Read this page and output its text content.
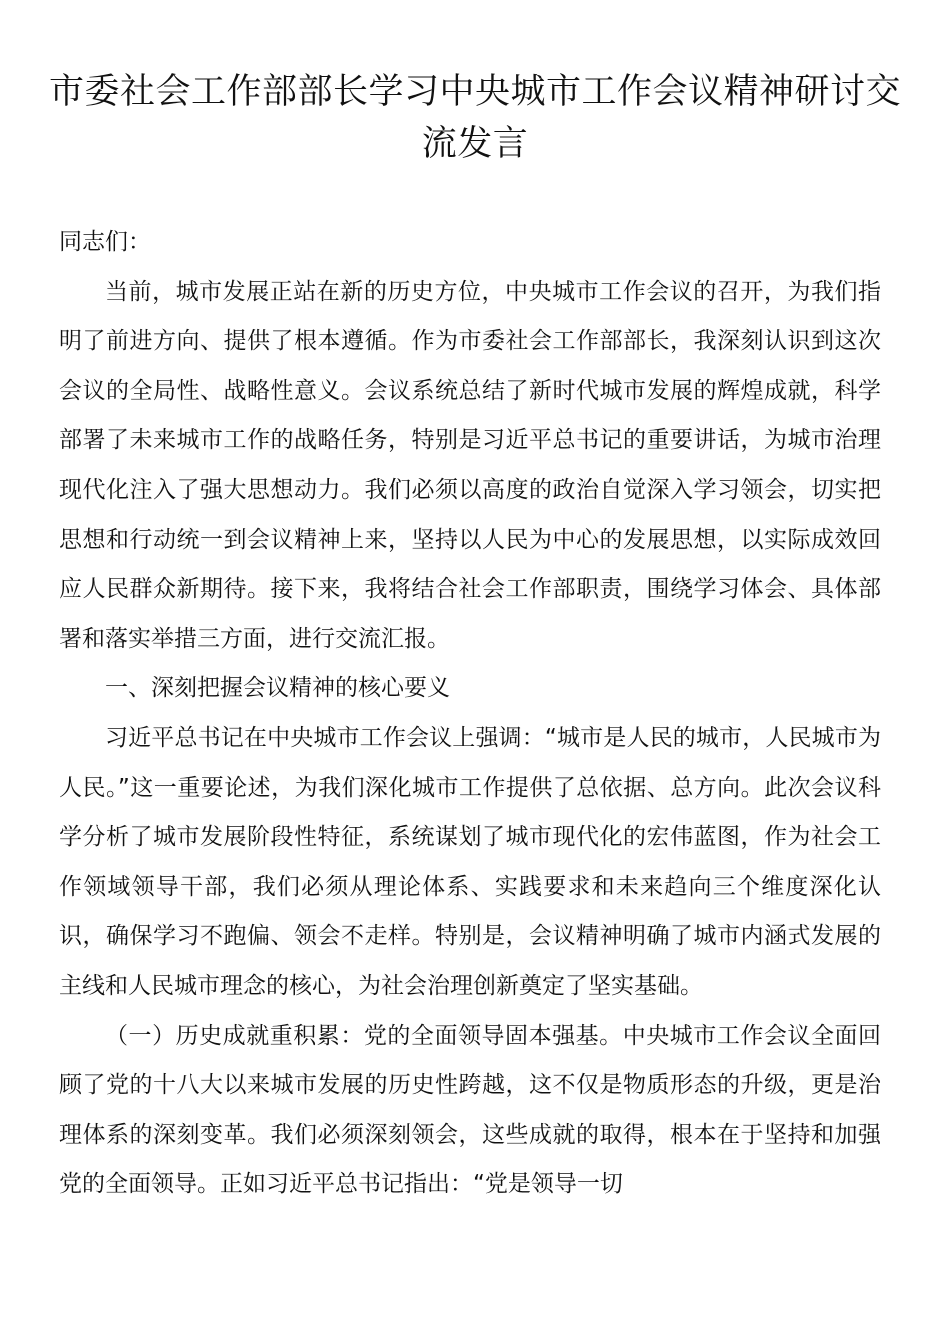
市委社会工作部部长学习中央城市工作会议精神研讨交流发言

同志们：

当前，城市发展正站在新的历史方位，中央城市工作会议的召开，为我们指明了前进方向、提供了根本遵循。作为市委社会工作部部长，我深刻认识到这次会议的全局性、战略性意义。会议系统总结了新时代城市发展的辉煌成就，科学部署了未来城市工作的战略任务，特别是习近平总书记的重要讲话，为城市治理现代化注入了强大思想动力。我们必须以高度的政治自觉深入学习领会，切实把思想和行动统一到会议精神上来，坚持以人民为中心的发展思想，以实际成效回应人民群众新期待。接下来，我将结合社会工作部职责，围绕学习体会、具体部署和落实举措三方面，进行交流汇报。

一、深刻把握会议精神的核心要义

习近平总书记在中央城市工作会议上强调：“城市是人民的城市，人民城市为人民。”这一重要论述，为我们深化城市工作提供了总依据、总方向。此次会议科学分析了城市发展阶段性特征，系统谋划了城市现代化的宏伟蓝图，作为社会工作领域领导干部，我们必须从理论体系、实践要求和未来趋向三个维度深化认识，确保学习不跑偏、领会不走样。特别是，会议精神明确了城市内涵式发展的主线和人民城市理念的核心，为社会治理创新奠定了坚实基础。

（一）历史成就重积累：党的全面领导固本强基。中央城市工作会议全面回顾了党的十八大以来城市发展的历史性跨越，这不仅是物质形态的升级，更是治理体系的深刻变革。我们必须深刻领会，这些成就的取得，根本在于坚持和加强党的全面领导。正如习近平总书记指出：“党是领导一切
